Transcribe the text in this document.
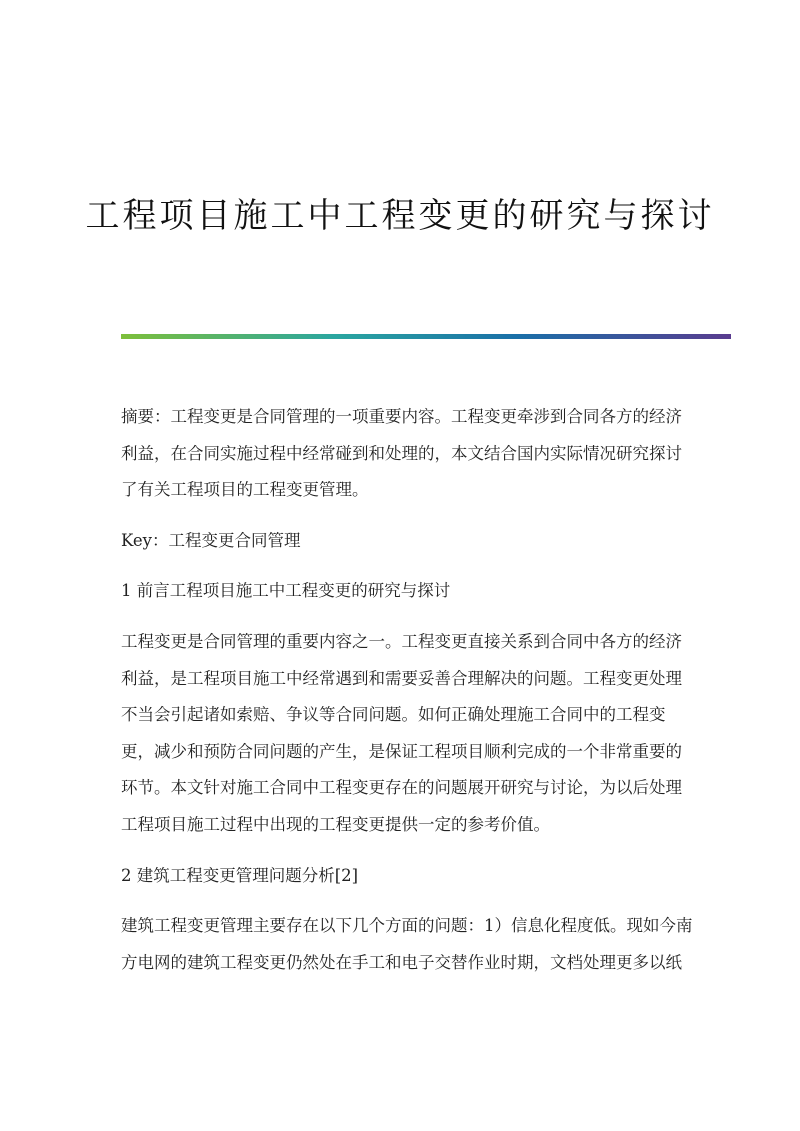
工程项目施工中工程变更的研究与探讨

摘要：工程变更是合同管理的一项重要内容。工程变更牵涉到合同各方的经济
利益，在合同实施过程中经常碰到和处理的，本文结合国内实际情况研究探讨
了有关工程项目的工程变更管理。

Key：工程变更合同管理

1 前言工程项目施工中工程变更的研究与探讨

工程变更是合同管理的重要内容之一。工程变更直接关系到合同中各方的经济
利益，是工程项目施工中经常遇到和需要妥善合理解决的问题。工程变更处理
不当会引起诸如索赔、争议等合同问题。如何正确处理施工合同中的工程变
更，减少和预防合同问题的产生，是保证工程项目顺利完成的一个非常重要的
环节。本文针对施工合同中工程变更存在的问题展开研究与讨论，为以后处理
工程项目施工过程中出现的工程变更提供一定的参考价值。

2 建筑工程变更管理问题分析[2]

建筑工程变更管理主要存在以下几个方面的问题：1）信息化程度低。现如今南
方电网的建筑工程变更仍然处在手工和电子交替作业时期，文档处理更多以纸
